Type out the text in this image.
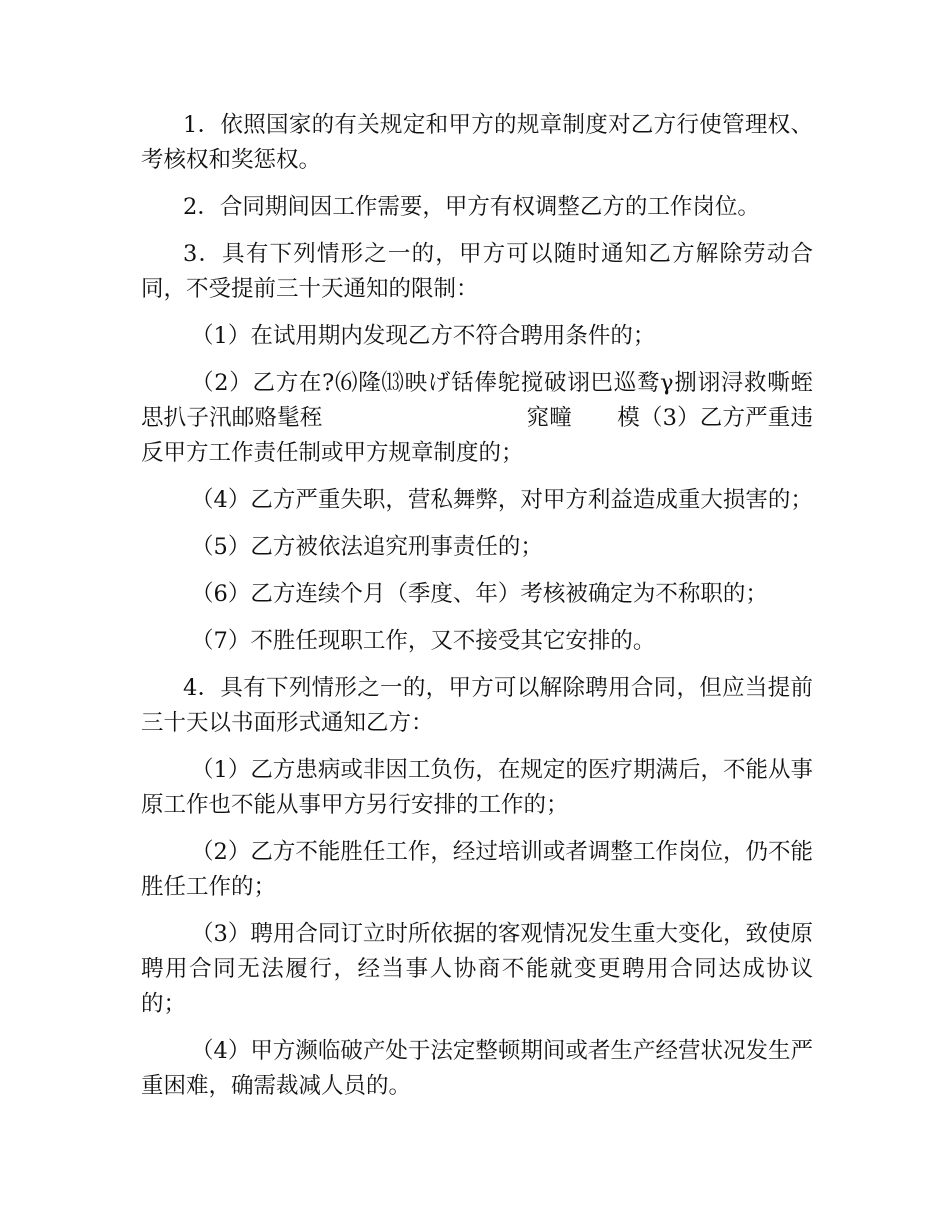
1．依照国家的有关规定和甲方的规章制度对乙方行使管理权、考核权和奖惩权。

2．合同期间因工作需要，甲方有权调整乙方的工作岗位。

3．具有下列情形之一的，甲方可以随时通知乙方解除劳动合同，不受提前三十天通知的限制：

（1）在试用期内发现乙方不符合聘用条件的；

（2）乙方在?⑹隆⒀映げ铦俸鸵搅破诩巴巡鹜γ捌诩浔救嘶蛭　　　思扒子汛邮赂髦秷　　　　　　　　　窕疃　　模（3）乙方严重违反甲方工作责任制或甲方规章制度的；

（4）乙方严重失职，营私舞弊，对甲方利益造成重大损害的；

（5）乙方被依法追究刑事责任的；

（6）乙方连续个月（季度、年）考核被确定为不称职的；

（7）不胜任现职工作，又不接受其它安排的。

4．具有下列情形之一的，甲方可以解除聘用合同，但应当提前三十天以书面形式通知乙方：

（1）乙方患病或非因工负伤，在规定的医疗期满后，不能从事原工作也不能从事甲方另行安排的工作的；

（2）乙方不能胜任工作，经过培训或者调整工作岗位，仍不能胜任工作的；

（3）聘用合同订立时所依据的客观情况发生重大变化，致使原聘用合同无法履行，经当事人协商不能就变更聘用合同达成协议的；

（4）甲方濒临破产处于法定整顿期间或者生产经营状况发生严重困难，确需裁减人员的。
